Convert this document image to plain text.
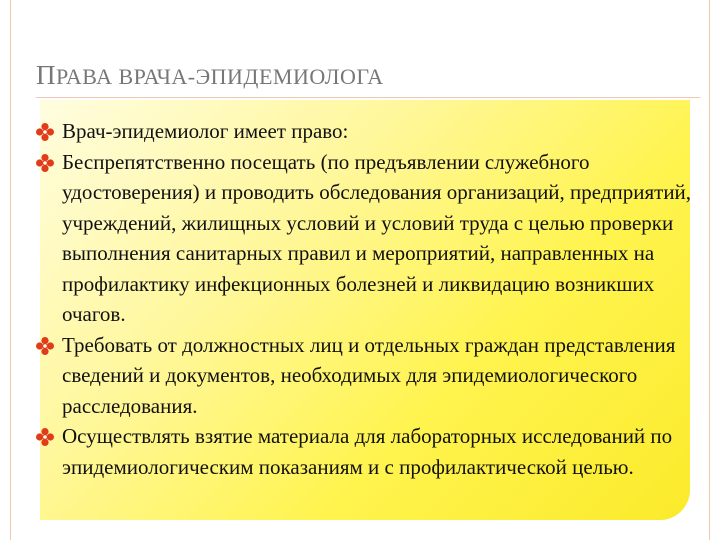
ПРАВА ВРАЧА-ЭПИДЕМИОЛОГА
Врач-эпидемиолог имеет право:
Беспрепятственно посещать (по предъявлении служебного удостоверения) и проводить обследования организаций, предприятий, учреждений, жилищных условий и условий труда с целью проверки выполнения санитарных правил и мероприятий, направленных на профилактику инфекционных болезней и ликвидацию возникших очагов.
Требовать от должностных лиц и отдельных граждан представления сведений и документов, необходимых для эпидемиологического расследования.
Осуществлять взятие материала для лабораторных исследований по эпидемиологическим показаниям и с профилактической целью.
